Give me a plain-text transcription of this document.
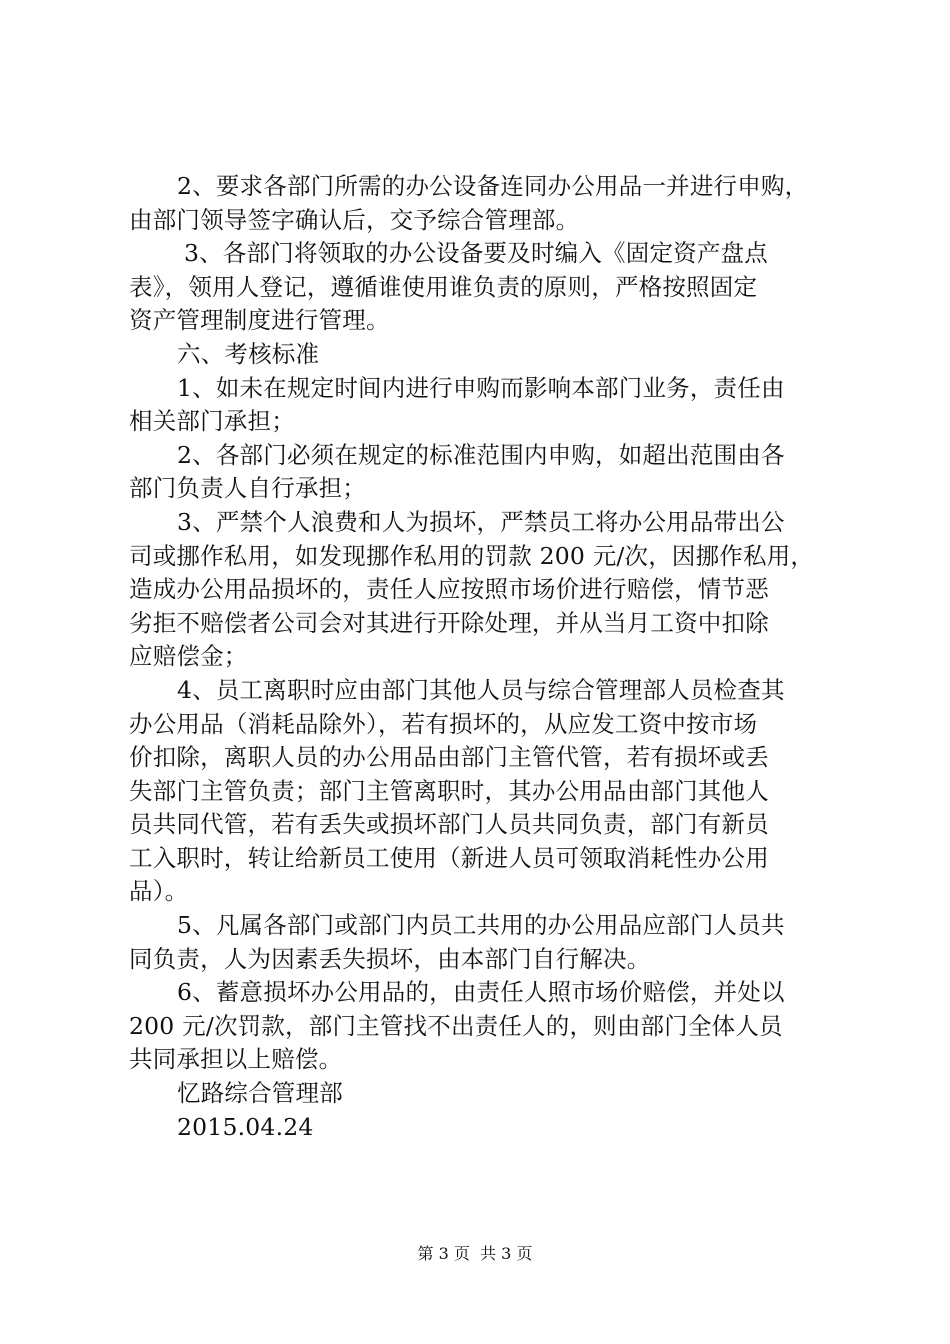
2、要求各部门所需的办公设备连同办公用品一并进行申购，
由部门领导签字确认后，交予综合管理部。
3、各部门将领取的办公设备要及时编入《固定资产盘点
表》，领用人登记，遵循谁使用谁负责的原则，严格按照固定
资产管理制度进行管理。
六、考核标准
1、如未在规定时间内进行申购而影响本部门业务，责任由
相关部门承担；
2、各部门必须在规定的标准范围内申购，如超出范围由各
部门负责人自行承担；
3、严禁个人浪费和人为损坏，严禁员工将办公用品带出公
司或挪作私用，如发现挪作私用的罚款 200 元/次，因挪作私用，
造成办公用品损坏的，责任人应按照市场价进行赔偿，情节恶
劣拒不赔偿者公司会对其进行开除处理，并从当月工资中扣除
应赔偿金；
4、员工离职时应由部门其他人员与综合管理部人员检查其
办公用品（消耗品除外），若有损坏的，从应发工资中按市场
价扣除，离职人员的办公用品由部门主管代管，若有损坏或丢
失部门主管负责；部门主管离职时，其办公用品由部门其他人
员共同代管，若有丢失或损坏部门人员共同负责，部门有新员
工入职时，转让给新员工使用（新进人员可领取消耗性办公用
品）。
5、凡属各部门或部门内员工共用的办公用品应部门人员共
同负责，人为因素丢失损坏，由本部门自行解决。
6、蓄意损坏办公用品的，由责任人照市场价赔偿，并处以
200 元/次罚款，部门主管找不出责任人的，则由部门全体人员
共同承担以上赔偿。
忆路综合管理部
2015.04.24
第 3 页  共 3 页
